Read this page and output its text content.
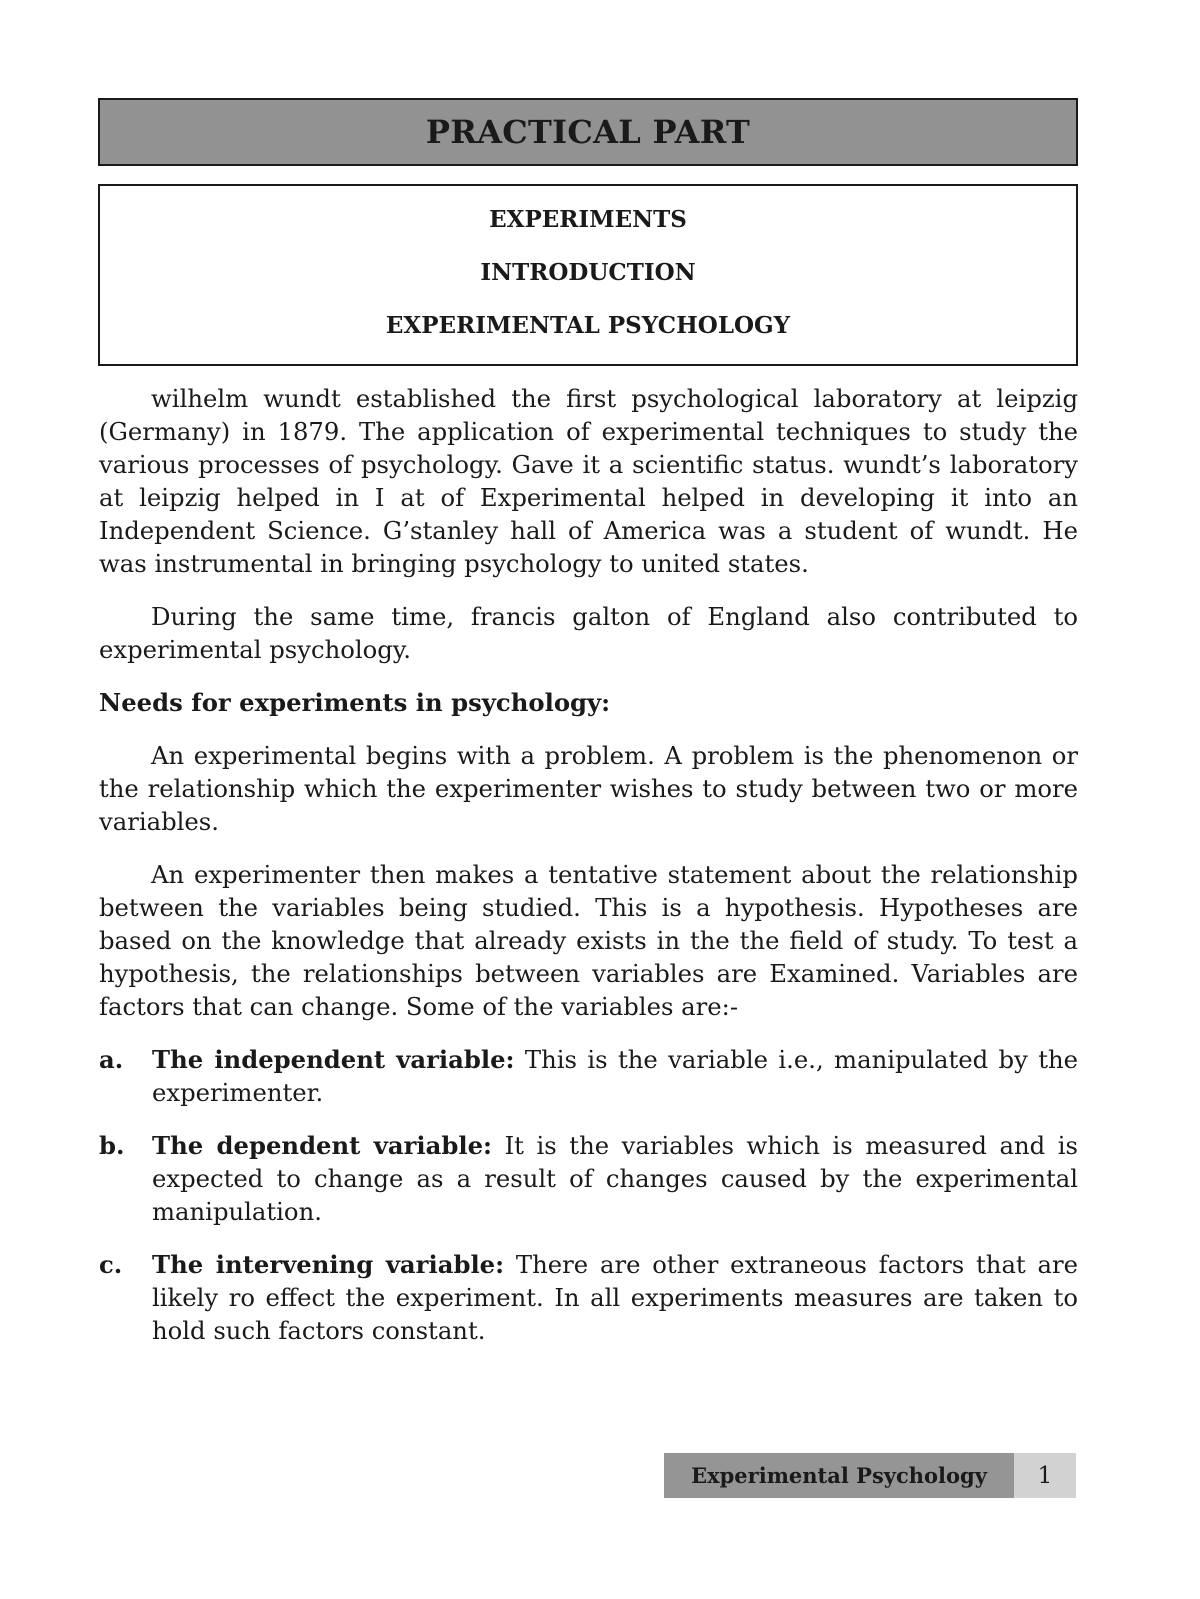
PRACTICAL PART
EXPERIMENTS
INTRODUCTION
EXPERIMENTAL PSYCHOLOGY

wilhelm wundt established the first psychological laboratory at leipzig (Germany) in 1879. The application of experimental techniques to study the various processes of psychology. Gave it a scientific status. wundt’s laboratory at leipzig helped in I at of Experimental helped in developing it into an Independent Science. G’stanley hall of America was a student of wundt. He was instrumental in bringing psychology to united states.

During the same time, francis galton of England also contributed to experimental psychology.

Needs for experiments in psychology:

An experimental begins with a problem. A problem is the phenomenon or the relationship which the experimenter wishes to study between two or more variables.

An experimenter then makes a tentative statement about the relationship between the variables being studied. This is a hypothesis. Hypotheses are based on the knowledge that already exists in the the field of study. To test a hypothesis, the relationships between variables are Examined. Variables are factors that can change. Some of the variables are:-

a. The independent variable: This is the variable i.e., manipulated by the experimenter.
b. The dependent variable: It is the variables which is measured and is expected to change as a result of changes caused by the experimental manipulation.
c. The intervening variable: There are other extraneous factors that are likely ro effect the experiment. In all experiments measures are taken to hold such factors constant.
Experimental Psychology	1
